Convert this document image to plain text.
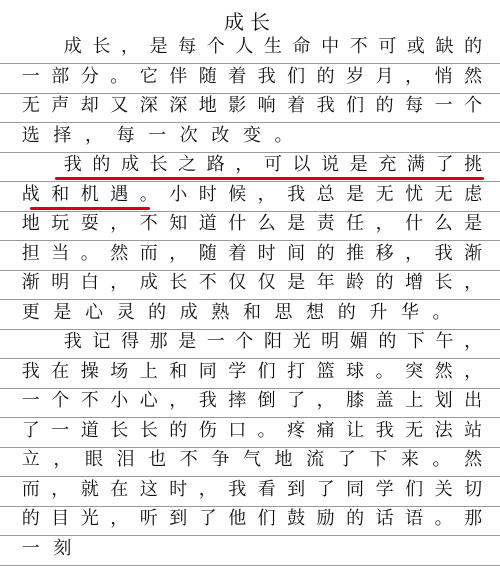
成长
成 长 ， 是 每 个 人 生 命 中 不 可 或 缺 的
一 部 分 。 它 伴 随 着 我 们 的 岁 月 ， 悄 然
无 声 却 又 深 深 地 影 响 着 我 们 的 每 一 个
选 择 ， 每 一 次 改 变 。
我 的 成 长 之 路 ， 可 以 说 是 充 满 了 挑
战 和 机 遇 。 小 时 候 ， 我 总 是 无 忧 无 虑
地 玩 耍 ， 不 知 道 什 么 是 责 任 ， 什 么 是
担 当 。 然 而 ， 随 着 时 间 的 推 移 ， 我 渐
渐 明 白 ， 成 长 不 仅 仅 是 年 龄 的 增 长 ，
更 是 心 灵 的 成 熟 和 思 想 的 升 华 。
我 记 得 那 是 一 个 阳 光 明 媚 的 下 午 ，
我 在 操 场 上 和 同 学 们 打 篮 球 。 突 然 ，
一 个 不 小 心 ， 我 摔 倒 了 ， 膝 盖 上 划 出
了 一 道 长 长 的 伤 口 。 疼 痛 让 我 无 法 站
立 ， 眼 泪 也 不 争 气 地 流 了 下 来 。 然
而 ， 就 在 这 时 ， 我 看 到 了 同 学 们 关 切
的 目 光 ， 听 到 了 他 们 鼓 励 的 话 语 。 那
一 刻
